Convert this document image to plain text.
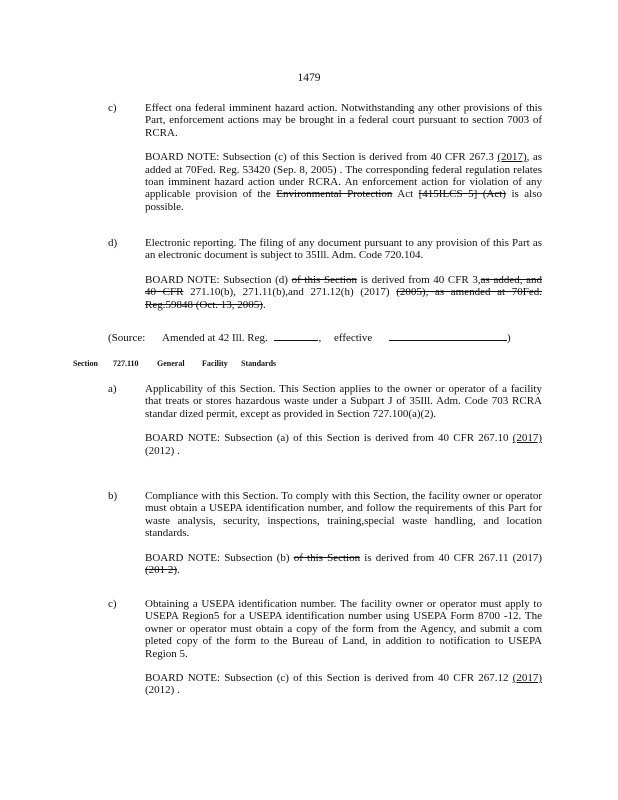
1479
c)	Effect ona federal imminent hazard action. Notwithstanding any other provisions of this Part, enforcement actions may be brought in a federal court pursuant to section 7003 of RCRA.

BOARD NOTE: Subsection (c) of this Section is derived from 40 CFR 267.3 (2017), as added at 70Fed. Reg. 53420 (Sep. 8, 2005) . The corresponding federal regulation relates toan imminent hazard action under RCRA. An enforcement action for violation of any applicable provision of the Environmental Protection Act [415ILCS 5] (Act) is also possible.

d)	Electronic reporting. The filing of any document pursuant to any provision of this Part as an electronic document is subject to 35Ill. Adm. Code 720.104.

BOARD NOTE: Subsection (d) of this Section is derived from 40 CFR 3,as added, and 40 CFR 271.10(b), 271.11(b),and 271.12(h) (2017) (2005), as amended at 70Fed. Reg.59848 (Oct. 13, 2005).

(Source: Amended at 42 Ill. Reg.	, effective	)
Section 727.110 General Facility Standards
a)	Applicability of this Section. This Section applies to the owner or operator of a facility that treats or stores hazardous waste under a Subpart J of 35Ill. Adm. Code 703 RCRA standar dized permit, except as provided in Section 727.100(a)(2).

BOARD NOTE: Subsection (a) of this Section is derived from 40 CFR 267.10 (2017) (2012) .

b)	Compliance with this Section. To comply with this Section, the facility owner or operator must obtain a USEPA identification number, and follow the requirements of this Part for waste analysis, security, inspections, training,special waste handling, and location standards.

BOARD NOTE: Subsection (b) of this Section is derived from 40 CFR 267.11 (2017) (201 2).

c)	Obtaining a USEPA identification number. The facility owner or operator must apply to USEPA Region5 for a USEPA identification number using USEPA Form 8700 -12. The owner or operator must obtain a copy of the form from the Agency, and submit a com pleted copy of the form to the Bureau of Land, in addition to notification to USEPA Region 5.

BOARD NOTE: Subsection (c) of this Section is derived from 40 CFR 267.12 (2017) (2012) .
